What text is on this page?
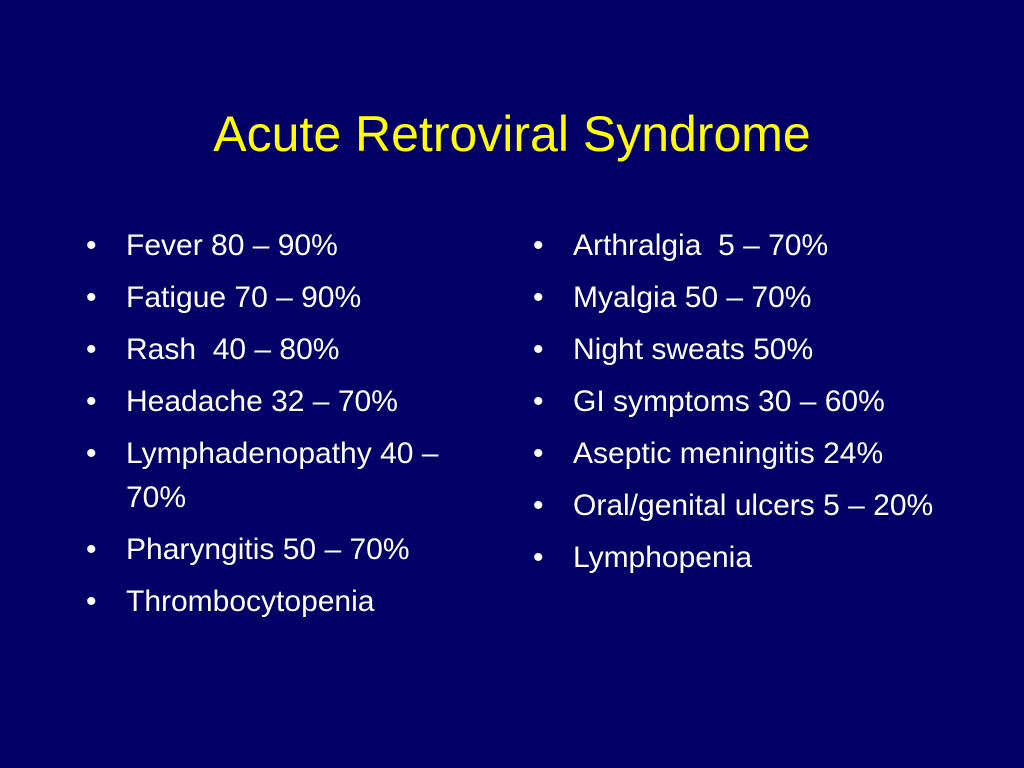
Acute Retroviral Syndrome
• Fever 80 – 90%
• Fatigue 70 – 90%
• Rash  40 – 80%
• Headache 32 – 70%
• Lymphadenopathy 40 – 70%
• Pharyngitis 50 – 70%
• Thrombocytopenia
• Arthralgia  5 – 70%
• Myalgia 50 – 70%
• Night sweats 50%
• GI symptoms 30 – 60%
• Aseptic meningitis 24%
• Oral/genital ulcers 5 – 20%
• Lymphopenia
